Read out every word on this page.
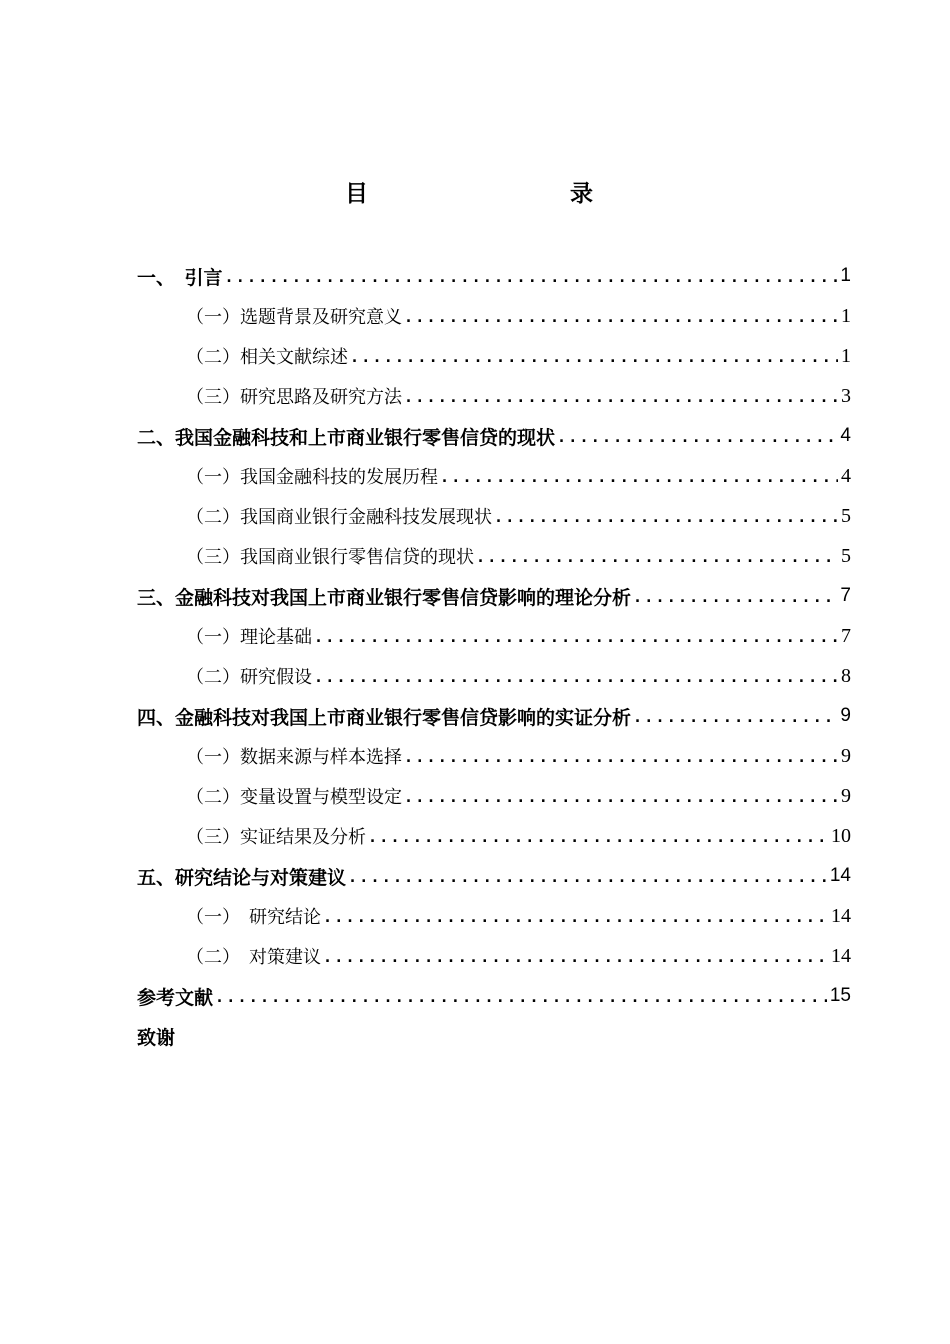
目　　录
一、　引言 .....	1
（一）选题背景及研究意义 .....	1
（二）相关文献综述 .....	1
（三）研究思路及研究方法 .....	3
二、我国金融科技和上市商业银行零售信贷的现状 .....	4
（一）我国金融科技的发展历程 .....	4
（二）我国商业银行金融科技发展现状 .....	5
（三）我国商业银行零售信贷的现状 .....	5
三、金融科技对我国上市商业银行零售信贷影响的理论分析 .....	7
（一）理论基础 .....	7
（二）研究假设 .....	8
四、金融科技对我国上市商业银行零售信贷影响的实证分析 .....	9
（一）数据来源与样本选择 .....	9
（二）变量设置与模型设定 .....	9
（三）实证结果及分析 .....	10
五、研究结论与对策建议 .....	14
（一）　研究结论 .....	14
（二）　对策建议 .....	14
参考文献 .....	15
致谢
